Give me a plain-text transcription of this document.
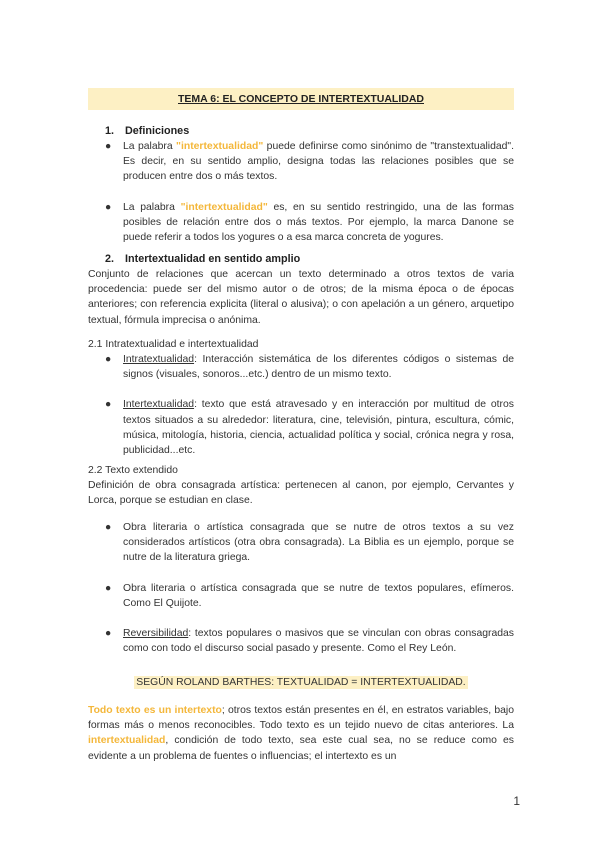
TEMA 6: EL CONCEPTO DE INTERTEXTUALIDAD
1. Definiciones
● La palabra "intertextualidad" puede definirse como sinónimo de "transtextualidad". Es decir, en su sentido amplio, designa todas las relaciones posibles que se producen entre dos o más textos.
● La palabra "intertextualidad" es, en su sentido restringido, una de las formas posibles de relación entre dos o más textos. Por ejemplo, la marca Danone se puede referir a todos los yogures o a esa marca concreta de yogures.
2. Intertextualidad en sentido amplio
Conjunto de relaciones que acercan un texto determinado a otros textos de varia procedencia: puede ser del mismo autor o de otros; de la misma época o de épocas anteriores; con referencia explicita (literal o alusiva); o con apelación a un género, arquetipo textual, fórmula imprecisa o anónima.
2.1 Intratextualidad e intertextualidad
● Intratextualidad: Interacción sistemática de los diferentes códigos o sistemas de signos (visuales, sonoros...etc.) dentro de un mismo texto.
● Intertextualidad: texto que está atravesado y en interacción por multitud de otros textos situados a su alrededor: literatura, cine, televisión, pintura, escultura, cómic, música, mitología, historia, ciencia, actualidad política y social, crónica negra y rosa, publicidad...etc.
2.2 Texto extendido
Definición de obra consagrada artística: pertenecen al canon, por ejemplo, Cervantes y Lorca, porque se estudian en clase.
● Obra literaria o artística consagrada que se nutre de otros textos a su vez considerados artísticos (otra obra consagrada). La Biblia es un ejemplo, porque se nutre de la literatura griega.
● Obra literaria o artística consagrada que se nutre de textos populares, efímeros. Como El Quijote.
● Reversibilidad: textos populares o masivos que se vinculan con obras consagradas como con todo el discurso social pasado y presente. Como el Rey León.
SEGÚN ROLAND BARTHES: TEXTUALIDAD = INTERTEXTUALIDAD.
Todo texto es un intertexto; otros textos están presentes en él, en estratos variables, bajo formas más o menos reconocibles. Todo texto es un tejido nuevo de citas anteriores. La intertextualidad, condición de todo texto, sea este cual sea, no se reduce como es evidente a un problema de fuentes o influencias; el intertexto es un
1
